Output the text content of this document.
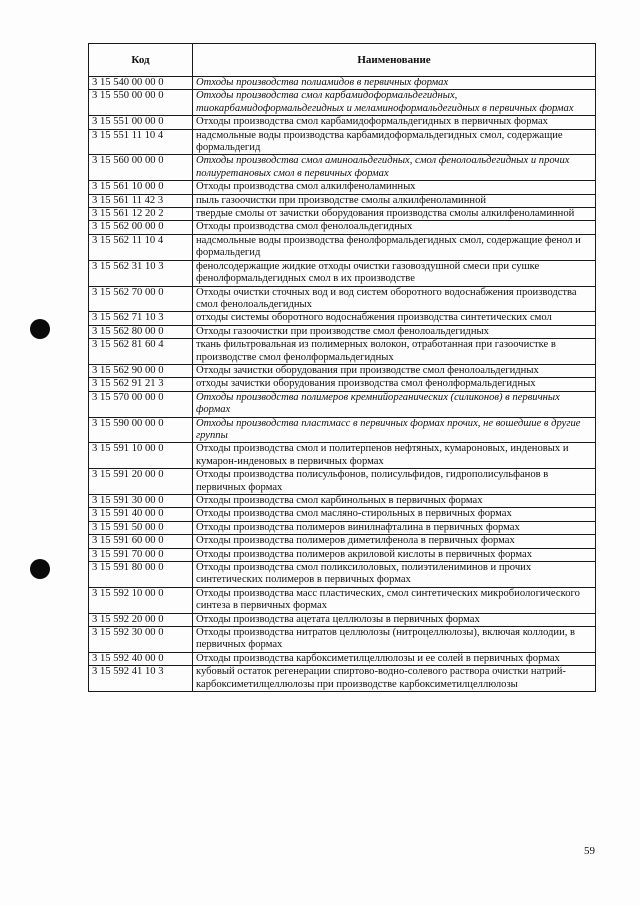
Код	Наименование
3 15 540 00 00 0	Отходы производства полиамидов в первичных формах
3 15 550 00 00 0	Отходы производства смол карбамидоформальдегидных, тиокарбамидоформальдегидных и меламиноформальдегидных в первичных формах
3 15 551 00 00 0	Отходы производства смол карбамидоформальдегидных в первичных формах
3 15 551 11 10 4	надсмольные воды производства карбамидоформальдегидных смол, содержащие формальдегид
3 15 560 00 00 0	Отходы производства смол аминоальдегидных, смол фенолоальдегидных и прочих полиуретановых смол в первичных формах
3 15 561 10 00 0	Отходы производства смол алкилфеноламинных
3 15 561 11 42 3	пыль газоочистки при производстве смолы алкилфеноламинной
3 15 561 12 20 2	твердые смолы от зачистки оборудования производства смолы алкилфеноламинной
3 15 562 00 00 0	Отходы производства смол фенолоальдегидных
3 15 562 11 10 4	надсмольные воды производства фенолформальдегидных смол, содержащие фенол и формальдегид
3 15 562 31 10 3	фенолсодержащие жидкие отходы очистки газовоздушной смеси при сушке фенолформальдегидных смол в их производстве
3 15 562 70 00 0	Отходы очистки сточных вод и вод систем оборотного водоснабжения производства смол фенолоальдегидных
3 15 562 71 10 3	отходы системы оборотного водоснабжения производства синтетических смол
3 15 562 80 00 0	Отходы газоочистки при производстве смол фенолоальдегидных
3 15 562 81 60 4	ткань фильтровальная из полимерных волокон, отработанная при газоочистке в производстве смол фенолформальдегидных
3 15 562 90 00 0	Отходы зачистки оборудования при производстве смол фенолоальдегидных
3 15 562 91 21 3	отходы зачистки оборудования производства смол фенолформальдегидных
3 15 570 00 00 0	Отходы производства полимеров кремнийорганических (силиконов) в первичных формах
3 15 590 00 00 0	Отходы производства пластмасс в первичных формах прочих, не вошедшие в другие группы
3 15 591 10 00 0	Отходы производства смол и политерпенов нефтяных, кумароновых, инденовых и кумарон-инденовых в первичных формах
3 15 591 20 00 0	Отходы производства полисульфонов, полисульфидов, гидрополисульфанов в первичных формах
3 15 591 30 00 0	Отходы производства смол карбинольных в первичных формах
3 15 591 40 00 0	Отходы производства смол масляно-стирольных в первичных формах
3 15 591 50 00 0	Отходы производства полимеров винилнафталина в первичных формах
3 15 591 60 00 0	Отходы производства полимеров диметилфенола в первичных формах
3 15 591 70 00 0	Отходы производства полимеров акриловой кислоты в первичных формах
3 15 591 80 00 0	Отходы производства смол поликсилоловых, полиэтилениминов и прочих синтетических полимеров в первичных формах
3 15 592 10 00 0	Отходы производства масс пластических, смол синтетических микробиологического синтеза в первичных формах
3 15 592 20 00 0	Отходы производства ацетата целлюлозы в первичных формах
3 15 592 30 00 0	Отходы производства нитратов целлюлозы (нитроцеллюлозы), включая коллодии, в первичных формах
3 15 592 40 00 0	Отходы производства карбоксиметилцеллюлозы и ее солей в первичных формах
3 15 592 41 10 3	кубовый остаток регенерации спиртово-водно-солевого раствора очистки натрий-карбоксиметилцеллюлозы при производстве карбоксиметилцеллюлозы
59
